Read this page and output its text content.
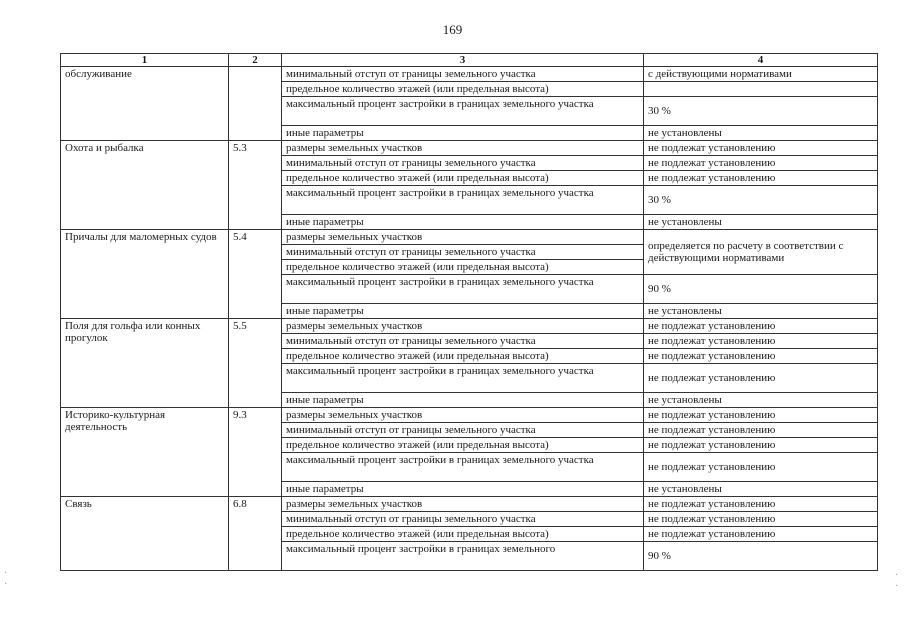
169
1	2	3	4
обслуживание		минимальный отступ от границы земельного участка	с действующими нормативами
		предельное количество этажей (или предельная высота)	
		максимальный процент застройки в границах земельного участка	30 %
		иные параметры	не установлены
Охота и рыбалка	5.3	размеры земельных участков	не подлежат установлению
		минимальный отступ от границы земельного участка	не подлежат установлению
		предельное количество этажей (или предельная высота)	не подлежат установлению
		максимальный процент застройки в границах земельного участка	30 %
		иные параметры	не установлены
Причалы для маломерных судов	5.4	размеры земельных участков	определяется по расчету в соответствии с действующими нормативами
		минимальный отступ от границы земельного участка	
		предельное количество этажей (или предельная высота)	
		максимальный процент застройки в границах земельного участка	90 %
		иные параметры	не установлены
Поля для гольфа или конных прогулок	5.5	размеры земельных участков	не подлежат установлению
		минимальный отступ от границы земельного участка	не подлежат установлению
		предельное количество этажей (или предельная высота)	не подлежат установлению
		максимальный процент застройки в границах земельного участка	не подлежат установлению
		иные параметры	не установлены
Историко-культурная деятельность	9.3	размеры земельных участков	не подлежат установлению
		минимальный отступ от границы земельного участка	не подлежат установлению
		предельное количество этажей (или предельная высота)	не подлежат установлению
		максимальный процент застройки в границах земельного участка	не подлежат установлению
		иные параметры	не установлены
Связь	6.8	размеры земельных участков	не подлежат установлению
		минимальный отступ от границы земельного участка	не подлежат установлению
		предельное количество этажей (или предельная высота)	не подлежат установлению
		максимальный процент застройки в границах земельного	90 %
·
·
·
·
